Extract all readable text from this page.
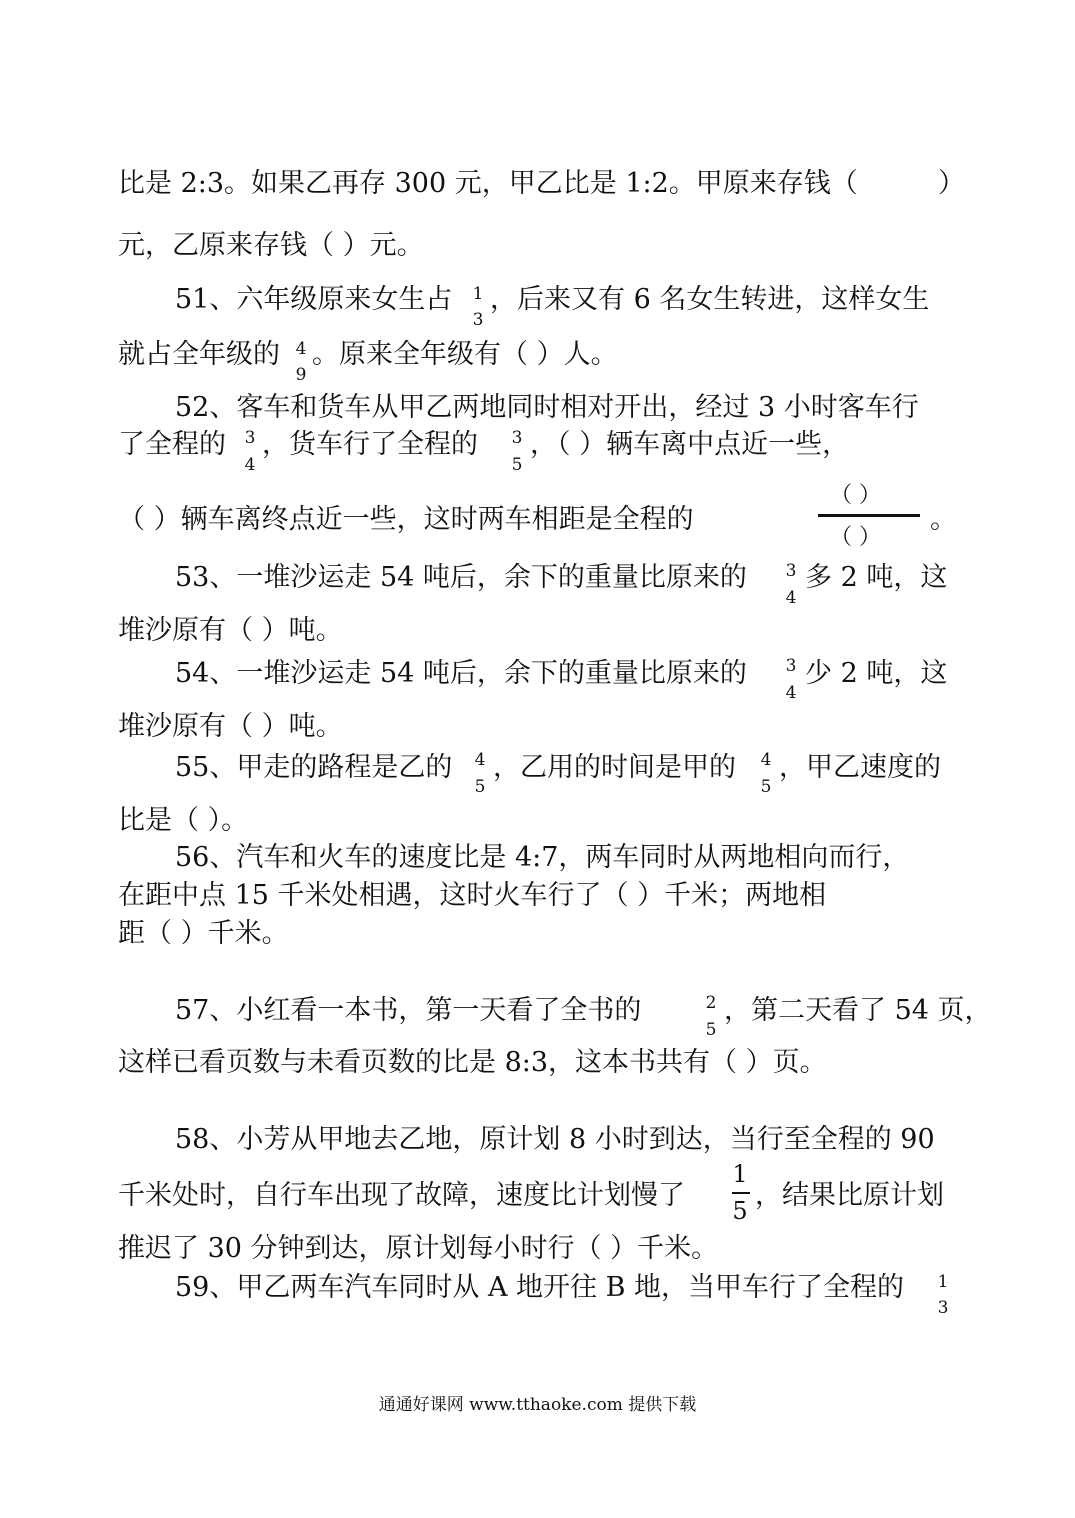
比是 2:3。如果乙再存 300 元，甲乙比是 1:2。甲原来存钱（	）
元，乙原来存钱（ ）元。
51、六年级原来女生占 1
3
，后来又有 6 名女生转进，这样女生
就占全年级的 4
9
。原来全年级有（ ）人。
52、客车和货车从甲乙两地同时相对开出，经过 3 小时客车行
了全程的 3
4
，货车行了全程的 3
5
，（ ）辆车离中点近一些，
（ ）辆车离终点近一些，这时两车相距是全程的
（ ）
（ ）
。
53、一堆沙运走 54 吨后，余下的重量比原来的 3
4
多 2 吨，这
堆沙原有（ ）吨。
54、一堆沙运走 54 吨后，余下的重量比原来的 3
4
少 2 吨，这
堆沙原有（ ）吨。
55、甲走的路程是乙的 4
5
，乙用的时间是甲的 4
5
，甲乙速度的
比是（ ）。
56、汽车和火车的速度比是 4:7，两车同时从两地相向而行，
在距中点 15 千米处相遇，这时火车行了（ ）千米；两地相
距（ ）千米。
57、小红看一本书，第一天看了全书的	2
5
，第二天看了 54 页，
这样已看页数与未看页数的比是 8:3，这本书共有（ ）页。
58、小芳从甲地去乙地，原计划 8 小时到达，当行至全程的 90
千米处时，自行车出现了故障，速度比计划慢了
1
5 ，结果比原计划
推迟了 30 分钟到达，原计划每小时行（ ）千米。
59、甲乙两车汽车同时从 A 地开往 B 地，当甲车行了全程的 1
3
通通好课网 www.tthaoke.com 提供下载
